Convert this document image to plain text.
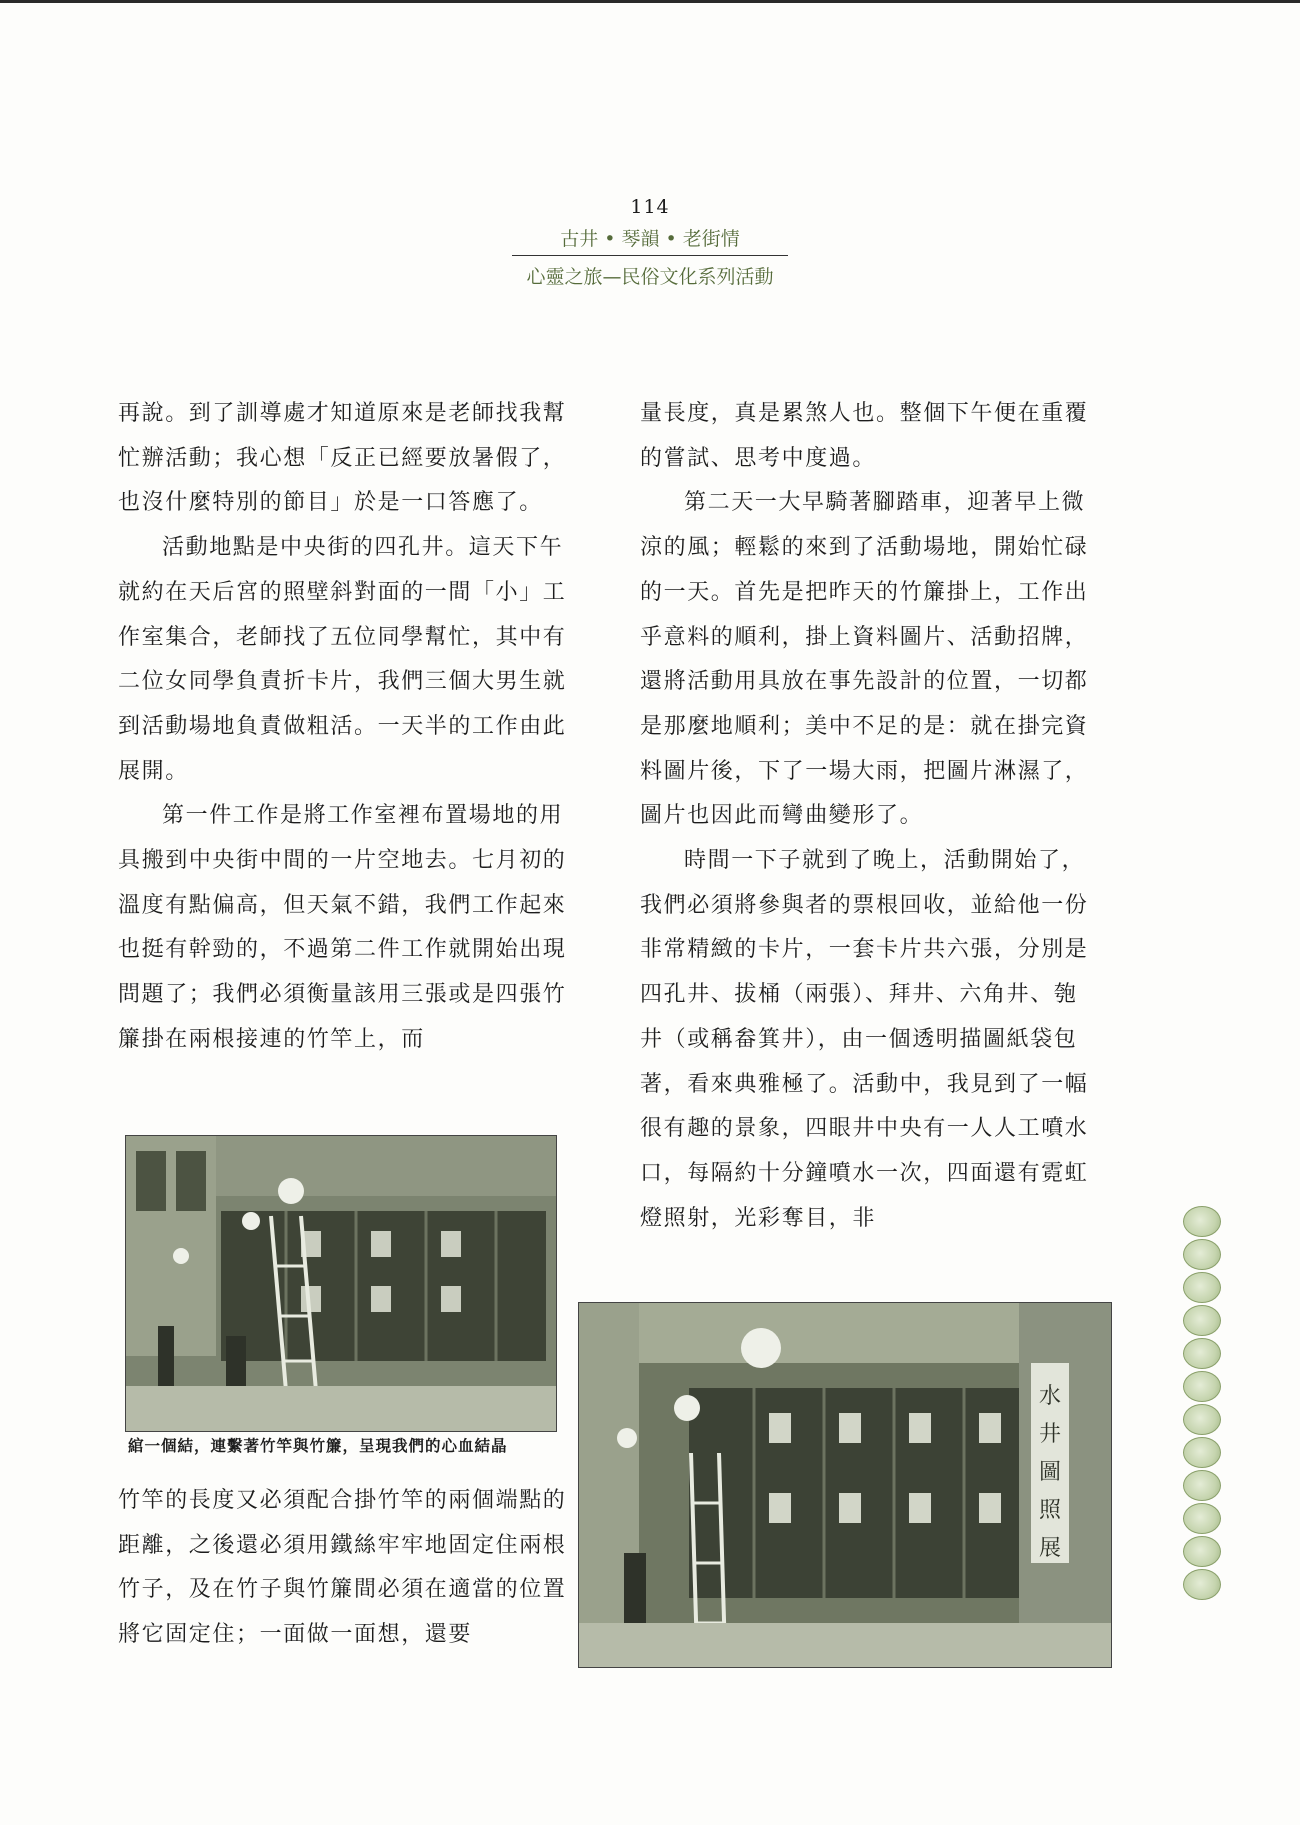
114
古井 • 琴韻 • 老街情
心靈之旅—民俗文化系列活動

再說。到了訓導處才知道原來是老師找我幫忙辦活動；我心想「反正已經要放暑假了，也沒什麼特別的節目」於是一口答應了。

活動地點是中央街的四孔井。這天下午就約在天后宮的照壁斜對面的一間「小」工作室集合，老師找了五位同學幫忙，其中有二位女同學負責折卡片，我們三個大男生就到活動場地負責做粗活。一天半的工作由此展開。

第一件工作是將工作室裡布置場地的用具搬到中央街中間的一片空地去。七月初的溫度有點偏高，但天氣不錯，我們工作起來也挺有幹勁的，不過第二件工作就開始出現問題了；我們必須衡量該用三張或是四張竹簾掛在兩根接連的竹竿上，而

綰一個結，連繫著竹竿與竹簾，呈現我們的心血結晶

竹竿的長度又必須配合掛竹竿的兩個端點的距離，之後還必須用鐵絲牢牢地固定住兩根竹子，及在竹子與竹簾間必須在適當的位置將它固定住；一面做一面想，還要

量長度，真是累煞人也。整個下午便在重覆的嘗試、思考中度過。

第二天一大早騎著腳踏車，迎著早上微涼的風；輕鬆的來到了活動場地，開始忙碌的一天。首先是把昨天的竹簾掛上，工作出乎意料的順利，掛上資料圖片、活動招牌，還將活動用具放在事先設計的位置，一切都是那麼地順利；美中不足的是：就在掛完資料圖片後，下了一場大雨，把圖片淋濕了，圖片也因此而彎曲變形了。

時間一下子就到了晚上，活動開始了，我們必須將參與者的票根回收，並給他一份非常精緻的卡片，一套卡片共六張，分別是四孔井、拔桶（兩張）、拜井、六角井、匏井（或稱畚箕井），由一個透明描圖紙袋包著，看來典雅極了。活動中，我見到了一幅很有趣的景象，四眼井中央有一人人工噴水口，每隔約十分鐘噴水一次，四面還有霓虹燈照射，光彩奪目，非

水
井
圖
照
展
